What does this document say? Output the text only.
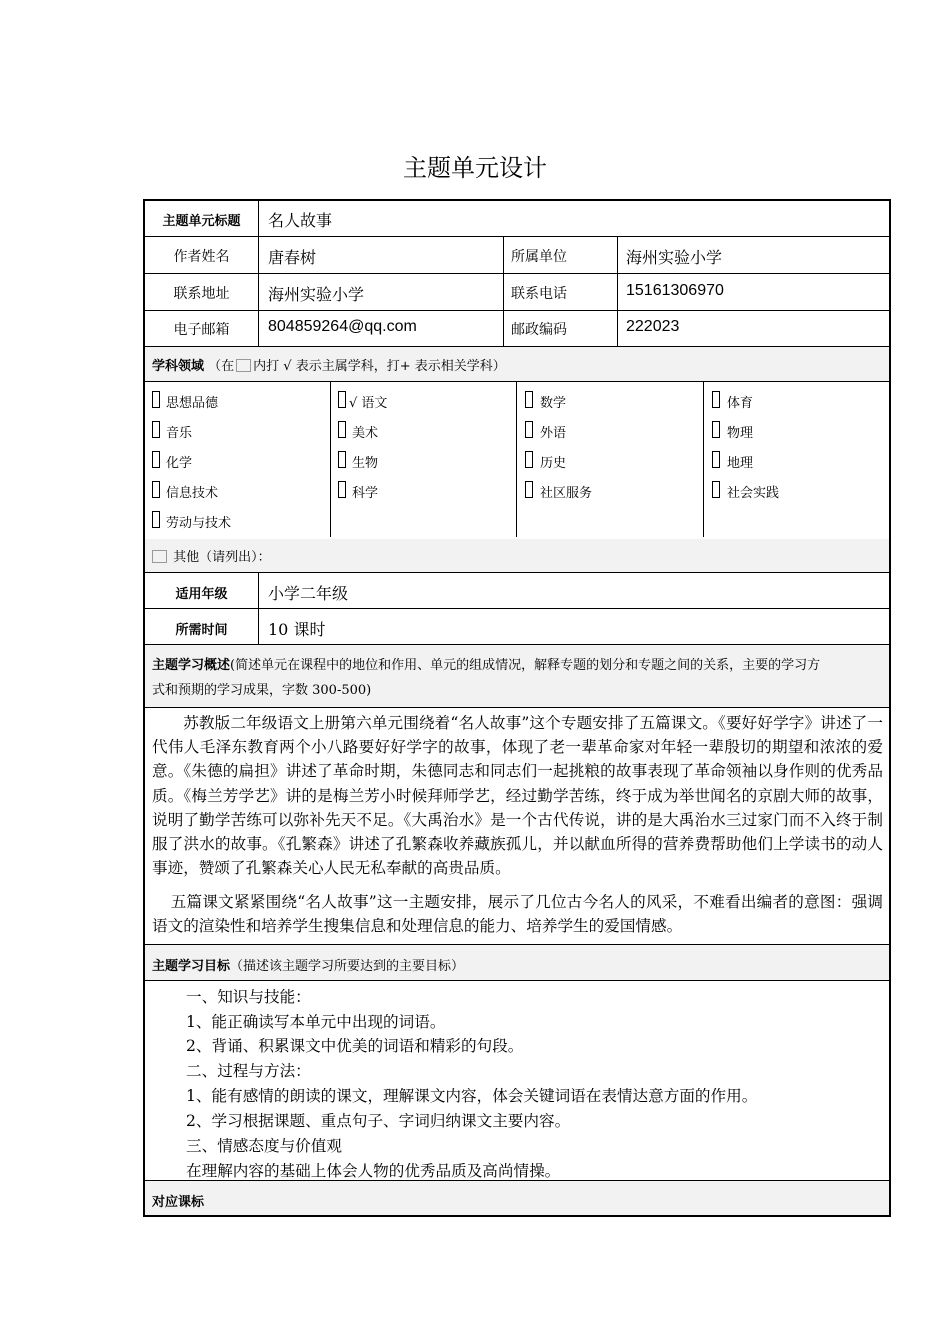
主题单元设计
主题单元标题	名人故事
作者姓名	唐春树	所属单位	海州实验小学
联系地址	海州实验小学	联系电话	15161306970
电子邮箱	804859264@qq.com	邮政编码	222023
学科领域 （在 内打 √ 表示主属学科，打+ 表示相关学科）
思想品德	√ 语文	数学	体育
音乐	美术	外语	物理
化学	生物	历史	地理
信息技术	科学	社区服务	社会实践
劳动与技术
其他（请列出）：
适用年级	小学二年级
所需时间	10 课时
主题学习概述(简述单元在课程中的地位和作用、单元的组成情况，解释专题的划分和专题之间的关系，主要的学习方
式和预期的学习成果，字数 300-500)
苏教版二年级语文上册第六单元围绕着“名人故事”这个专题安排了五篇课文。《要好好学字》讲述了一代伟人毛泽东教育两个小八路要好好学字的故事，体现了老一辈革命家对年轻一辈殷切的期望和浓浓的爱意。《朱德的扁担》讲述了革命时期，朱德同志和同志们一起挑粮的故事表现了革命领袖以身作则的优秀品质。《梅兰芳学艺》讲的是梅兰芳小时候拜师学艺，经过勤学苦练，终于成为举世闻名的京剧大师的故事，说明了勤学苦练可以弥补先天不足。《大禹治水》是一个古代传说，讲的是大禹治水三过家门而不入终于制服了洪水的故事。《孔繁森》讲述了孔繁森收养藏族孤儿，并以献血所得的营养费帮助他们上学读书的动人事迹，赞颂了孔繁森关心人民无私奉献的高贵品质。
五篇课文紧紧围绕“名人故事”这一主题安排，展示了几位古今名人的风采，不难看出编者的意图：强调语文的渲染性和培养学生搜集信息和处理信息的能力、培养学生的爱国情感。
主题学习目标（描述该主题学习所要达到的主要目标）
一、知识与技能：
1、能正确读写本单元中出现的词语。
2、背诵、积累课文中优美的词语和精彩的句段。
二、过程与方法：
1、能有感情的朗读的课文，理解课文内容，体会关键词语在表情达意方面的作用。
2、学习根据课题、重点句子、字词归纳课文主要内容。
三、情感态度与价值观
在理解内容的基础上体会人物的优秀品质及高尚情操。
对应课标
